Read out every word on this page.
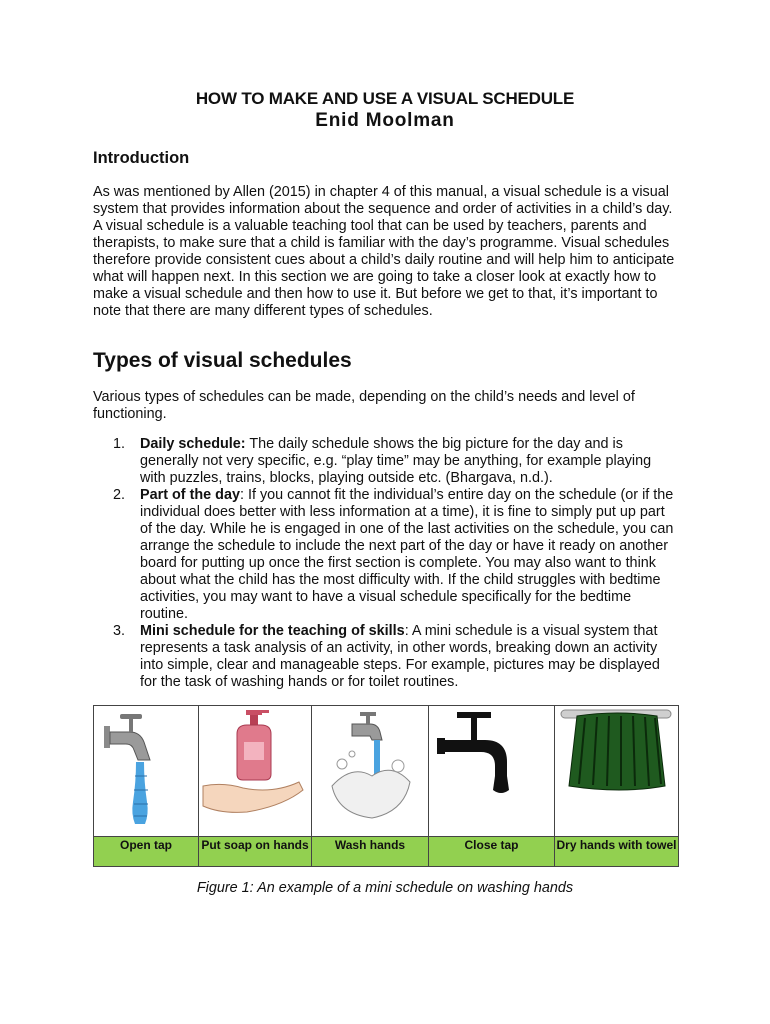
HOW TO MAKE AND USE A VISUAL SCHEDULE
Enid Moolman
Introduction

As was mentioned by Allen (2015) in chapter 4 of this manual, a visual schedule is a visual system that provides information about the sequence and order of activities in a child’s day. A visual schedule is a valuable teaching tool that can be used by teachers, parents and therapists, to make sure that a child is familiar with the day’s programme. Visual schedules therefore provide consistent cues about a child’s daily routine and will help him to anticipate what will happen next. In this section we are going to take a closer look at exactly how to make a visual schedule and then how to use it. But before we get to that, it’s important to note that there are many different types of schedules.

Types of visual schedules

Various types of schedules can be made, depending on the child’s needs and level of functioning.

1. Daily schedule: The daily schedule shows the big picture for the day and is generally not very specific, e.g. “play time” may be anything, for example playing with puzzles, trains, blocks, playing outside etc. (Bhargava, n.d.).
2. Part of the day: If you cannot fit the individual’s entire day on the schedule (or if the individual does better with less information at a time), it is fine to simply put up part of the day. While he is engaged in one of the last activities on the schedule, you can arrange the schedule to include the next part of the day or have it ready on another board for putting up once the first section is complete. You may also want to think about what the child has the most difficulty with. If the child struggles with bedtime activities, you may want to have a visual schedule specifically for the bedtime routine.
3. Mini schedule for the teaching of skills: A mini schedule is a visual system that represents a task analysis of an activity, in other words, breaking down an activity into simple, clear and manageable steps. For example, pictures may be displayed for the task of washing hands or for toilet routines.

Open tap	Put soap on hands	Wash hands	Close tap	Dry hands with towel
Figure 1: An example of a mini schedule on washing hands
